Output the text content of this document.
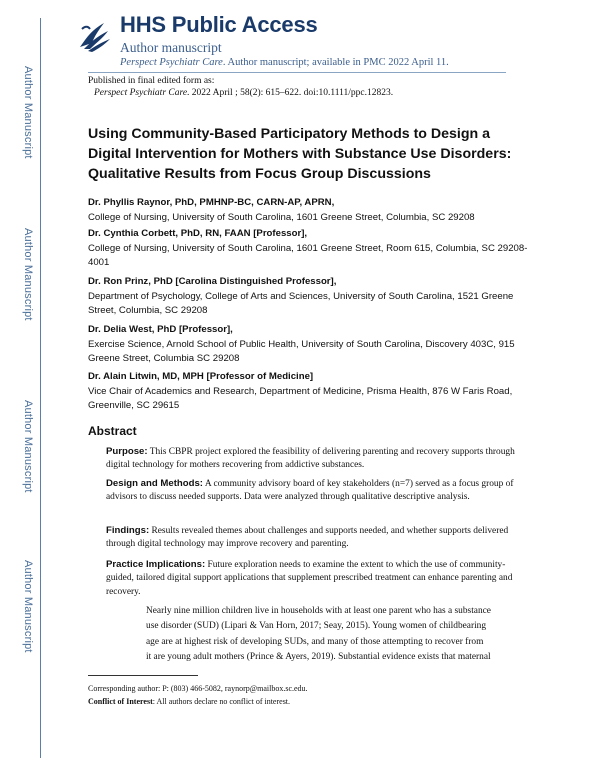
Author Manuscript
Author Manuscript
Author Manuscript
Author Manuscript
HHS Public Access
Author manuscript
Perspect Psychiatr Care. Author manuscript; available in PMC 2022 April 11.
Published in final edited form as:
Perspect Psychiatr Care. 2022 April ; 58(2): 615–622. doi:10.1111/ppc.12823.
Using Community-Based Participatory Methods to Design a Digital Intervention for Mothers with Substance Use Disorders: Qualitative Results from Focus Group Discussions
Dr. Phyllis Raynor, PhD, PMHNP-BC, CARN-AP, APRN,
College of Nursing, University of South Carolina, 1601 Greene Street, Columbia, SC 29208
Dr. Cynthia Corbett, PhD, RN, FAAN [Professor],
College of Nursing, University of South Carolina, 1601 Greene Street, Room 615, Columbia, SC 29208-4001
Dr. Ron Prinz, PhD [Carolina Distinguished Professor],
Department of Psychology, College of Arts and Sciences, University of South Carolina, 1521 Greene Street, Columbia, SC 29208
Dr. Delia West, PhD [Professor],
Exercise Science, Arnold School of Public Health, University of South Carolina, Discovery 403C, 915 Greene Street, Columbia SC 29208
Dr. Alain Litwin, MD, MPH [Professor of Medicine]
Vice Chair of Academics and Research, Department of Medicine, Prisma Health, 876 W Faris Road, Greenville, SC 29615
Abstract
Purpose: This CBPR project explored the feasibility of delivering parenting and recovery supports through digital technology for mothers recovering from addictive substances.
Design and Methods: A community advisory board of key stakeholders (n=7) served as a focus group of advisors to discuss needed supports. Data were analyzed through qualitative descriptive analysis.
Findings: Results revealed themes about challenges and supports needed, and whether supports delivered through digital technology may improve recovery and parenting.
Practice Implications: Future exploration needs to examine the extent to which the use of community-guided, tailored digital support applications that supplement prescribed treatment can enhance parenting and recovery.
Nearly nine million children live in households with at least one parent who has a substance
use disorder (SUD) (Lipari & Van Horn, 2017; Seay, 2015). Young women of childbearing
age are at highest risk of developing SUDs, and many of those attempting to recover from
it are young adult mothers (Prince & Ayers, 2019). Substantial evidence exists that maternal
Corresponding author: P: (803) 466-5082, raynorp@mailbox.sc.edu.
Conflict of Interest: All authors declare no conflict of interest.
